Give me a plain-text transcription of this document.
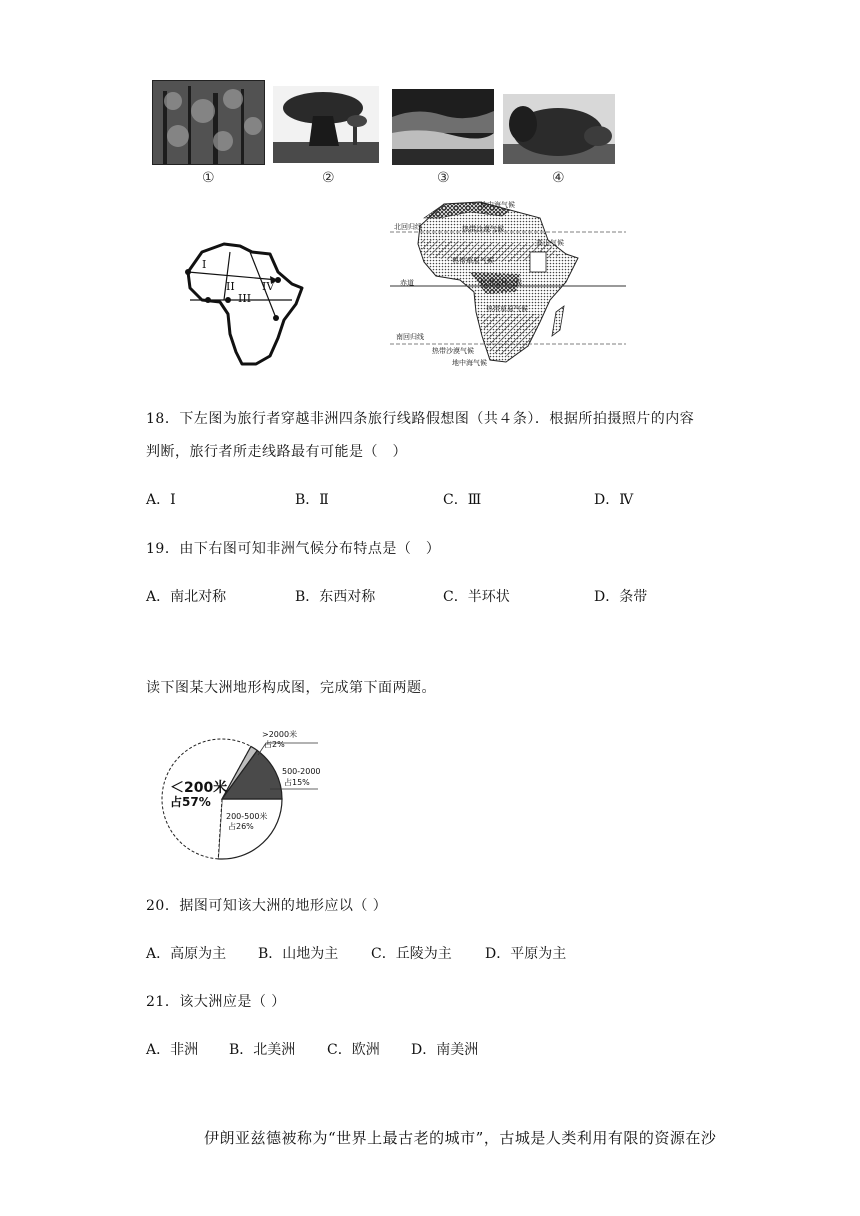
①	②	③	④
I
II
III
IV
地中海气候
北回归线	热带沙漠气候
高山气候
热带草原气候
赤道	热带雨林气候
热带草原气候
南回归线
热带沙漠气候
地中海气候
18．下左图为旅行者穿越非洲四条旅行线路假想图（共４条）．根据所拍摄照片的内容
判断，旅行者所走线路最有可能是（　）
A．Ⅰ	B．Ⅱ	C．Ⅲ	D．Ⅳ
19．由下右图可知非洲气候分布特点是（　）
A．南北对称	B．东西对称	C．半环状	D．条带
读下图某大洲地形构成图，完成第下面两题。
＜200米
占57%
200-500米
占26%
500-2000
占15%
>2000米
占2%
20．据图可知该大洲的地形应以（ ）
A．高原为主 B．山地为主 C．丘陵为主 D．平原为主
21．该大洲应是（ ）
A．非洲 B．北美洲 C．欧洲 D．南美洲
伊朗亚兹德被称为“世界上最古老的城市”，古城是人类利用有限的资源在沙
